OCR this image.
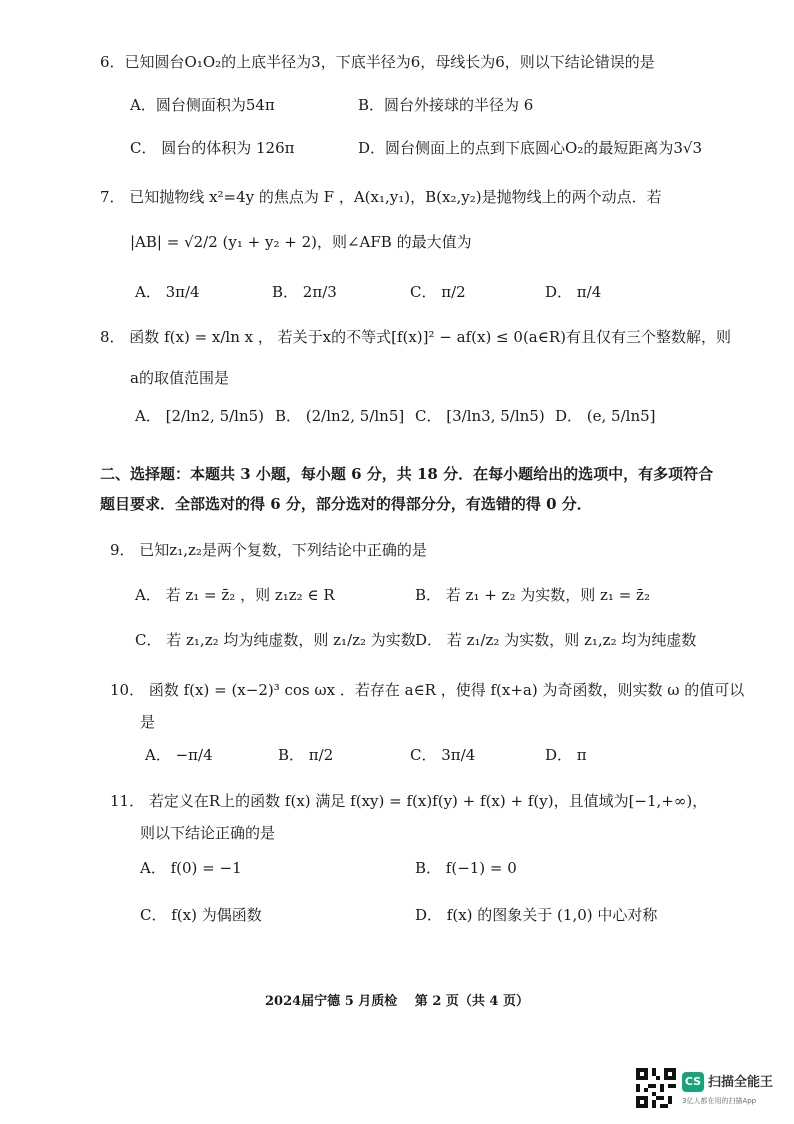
6．已知圆台O₁O₂的上底半径为3，下底半径为6，母线长为6，则以下结论错误的是
A．圆台侧面积为54π	B．圆台外接球的半径为 6
C． 圆台的体积为 126π	D．圆台侧面上的点到下底圆心O₂的最短距离为3√3
7． 已知抛物线 x²=4y 的焦点为 F ，A(x₁,y₁)，B(x₂,y₂)是抛物线上的两个动点．若
|AB| = √2/2 (y₁ + y₂ + 2)，则∠AFB 的最大值为
A． 3π/4	B． 2π/3	C． π/2	D． π/4
8． 函数 f(x) = x/ln x ， 若关于x的不等式[f(x)]² − af(x) ≤ 0(a∈R)有且仅有三个整数解，则
a的取值范围是
A． [2/ln2, 5/ln5) B． (2/ln2, 5/ln5] C． [3/ln3, 5/ln5) D． (e, 5/ln5]
二、选择题：本题共 3 小题，每小题 6 分，共 18 分．在每小题给出的选项中，有多项符合
题目要求．全部选对的得 6 分，部分选对的得部分分，有选错的得 0 分．
9． 已知z₁,z₂是两个复数，下列结论中正确的是
A． 若 z₁ = z̄₂ ，则 z₁z₂ ∈ R	B． 若 z₁ + z₂ 为实数，则 z₁ = z̄₂
C． 若 z₁,z₂ 均为纯虚数，则 z₁/z₂ 为实数 D． 若 z₁/z₂ 为实数，则 z₁,z₂ 均为纯虚数
10． 函数 f(x) = (x−2)³ cos ωx ．若存在 a∈R ，使得 f(x+a) 为奇函数，则实数 ω 的值可以
是
A． −π/4	B． π/2	C． 3π/4	D． π
11． 若定义在R上的函数 f(x) 满足 f(xy) = f(x)f(y) + f(x) + f(y)，且值域为[−1,+∞)，
则以下结论正确的是
A． f(0) = −1	B． f(−1) = 0
C． f(x) 为偶函数	D． f(x) 的图象关于 (1,0) 中心对称
2024届宁德 5 月质检　 第 2 页（共 4 页）
CS 扫描全能王
3亿人都在用的扫描App
